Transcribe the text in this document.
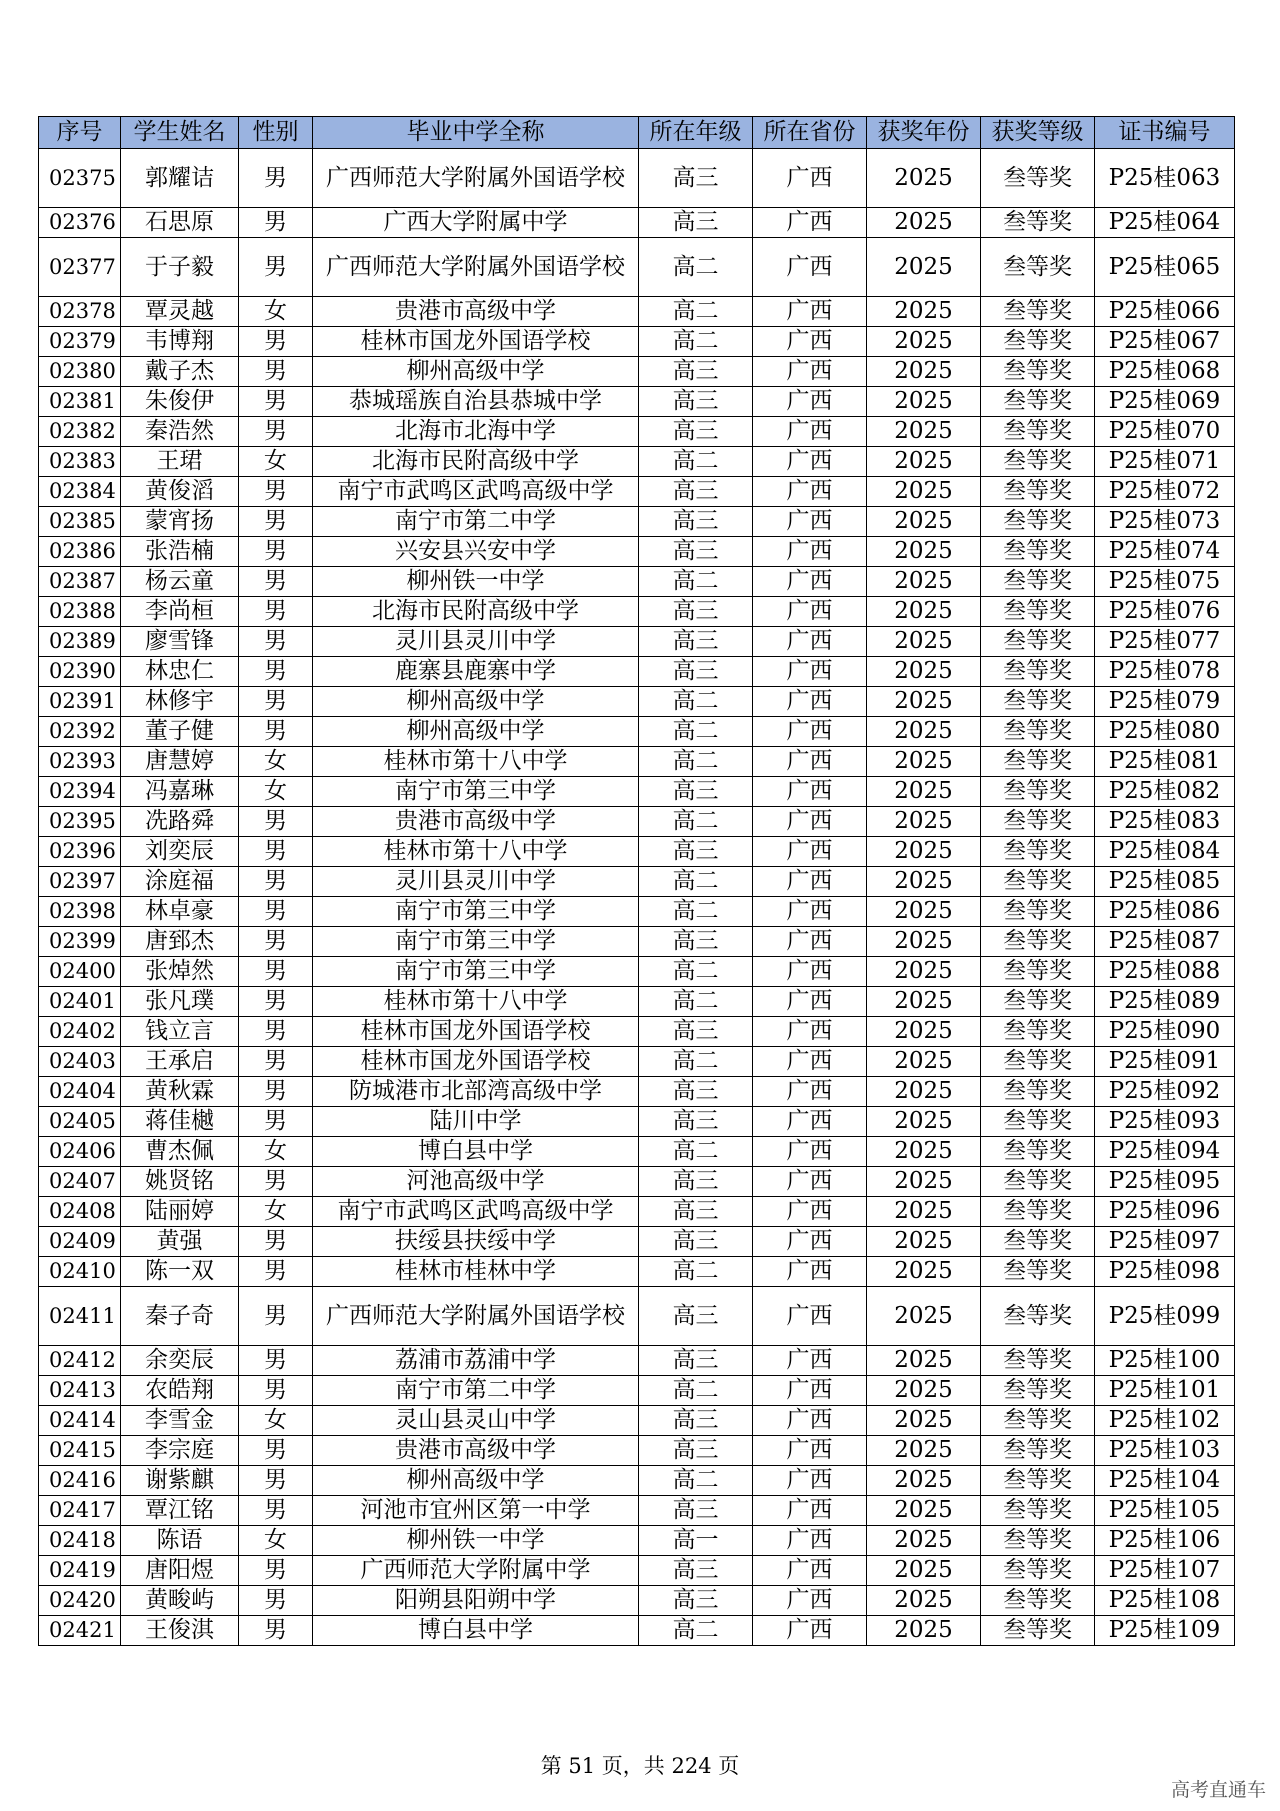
序号	学生姓名	性别	毕业中学全称	所在年级	所在省份	获奖年份	获奖等级	证书编号
02375	郭耀诘	男	广西师范大学附属外国语学校	高三	广西	2025	叁等奖	P25桂063
02376	石思原	男	广西大学附属中学	高三	广西	2025	叁等奖	P25桂064
02377	于子毅	男	广西师范大学附属外国语学校	高二	广西	2025	叁等奖	P25桂065
02378	覃灵越	女	贵港市高级中学	高二	广西	2025	叁等奖	P25桂066
02379	韦博翔	男	桂林市国龙外国语学校	高二	广西	2025	叁等奖	P25桂067
02380	戴子杰	男	柳州高级中学	高三	广西	2025	叁等奖	P25桂068
02381	朱俊伊	男	恭城瑶族自治县恭城中学	高三	广西	2025	叁等奖	P25桂069
02382	秦浩然	男	北海市北海中学	高三	广西	2025	叁等奖	P25桂070
02383	王珺	女	北海市民附高级中学	高二	广西	2025	叁等奖	P25桂071
02384	黄俊滔	男	南宁市武鸣区武鸣高级中学	高三	广西	2025	叁等奖	P25桂072
02385	蒙宵扬	男	南宁市第二中学	高三	广西	2025	叁等奖	P25桂073
02386	张浩楠	男	兴安县兴安中学	高三	广西	2025	叁等奖	P25桂074
02387	杨云童	男	柳州铁一中学	高二	广西	2025	叁等奖	P25桂075
02388	李尚桓	男	北海市民附高级中学	高三	广西	2025	叁等奖	P25桂076
02389	廖雪锋	男	灵川县灵川中学	高三	广西	2025	叁等奖	P25桂077
02390	林忠仁	男	鹿寨县鹿寨中学	高三	广西	2025	叁等奖	P25桂078
02391	林修宇	男	柳州高级中学	高二	广西	2025	叁等奖	P25桂079
02392	董子健	男	柳州高级中学	高二	广西	2025	叁等奖	P25桂080
02393	唐慧婷	女	桂林市第十八中学	高二	广西	2025	叁等奖	P25桂081
02394	冯嘉琳	女	南宁市第三中学	高三	广西	2025	叁等奖	P25桂082
02395	冼路舜	男	贵港市高级中学	高二	广西	2025	叁等奖	P25桂083
02396	刘奕辰	男	桂林市第十八中学	高三	广西	2025	叁等奖	P25桂084
02397	涂庭福	男	灵川县灵川中学	高二	广西	2025	叁等奖	P25桂085
02398	林卓豪	男	南宁市第三中学	高二	广西	2025	叁等奖	P25桂086
02399	唐郅杰	男	南宁市第三中学	高三	广西	2025	叁等奖	P25桂087
02400	张焯然	男	南宁市第三中学	高二	广西	2025	叁等奖	P25桂088
02401	张凡璞	男	桂林市第十八中学	高二	广西	2025	叁等奖	P25桂089
02402	钱立言	男	桂林市国龙外国语学校	高三	广西	2025	叁等奖	P25桂090
02403	王承启	男	桂林市国龙外国语学校	高二	广西	2025	叁等奖	P25桂091
02404	黄秋霖	男	防城港市北部湾高级中学	高三	广西	2025	叁等奖	P25桂092
02405	蒋佳樾	男	陆川中学	高三	广西	2025	叁等奖	P25桂093
02406	曹杰佩	女	博白县中学	高二	广西	2025	叁等奖	P25桂094
02407	姚贤铭	男	河池高级中学	高三	广西	2025	叁等奖	P25桂095
02408	陆丽婷	女	南宁市武鸣区武鸣高级中学	高三	广西	2025	叁等奖	P25桂096
02409	黄强	男	扶绥县扶绥中学	高三	广西	2025	叁等奖	P25桂097
02410	陈一双	男	桂林市桂林中学	高二	广西	2025	叁等奖	P25桂098
02411	秦子奇	男	广西师范大学附属外国语学校	高三	广西	2025	叁等奖	P25桂099
02412	余奕辰	男	荔浦市荔浦中学	高三	广西	2025	叁等奖	P25桂100
02413	农皓翔	男	南宁市第二中学	高二	广西	2025	叁等奖	P25桂101
02414	李雪金	女	灵山县灵山中学	高三	广西	2025	叁等奖	P25桂102
02415	李宗庭	男	贵港市高级中学	高三	广西	2025	叁等奖	P25桂103
02416	谢紫麒	男	柳州高级中学	高二	广西	2025	叁等奖	P25桂104
02417	覃江铭	男	河池市宜州区第一中学	高三	广西	2025	叁等奖	P25桂105
02418	陈语	女	柳州铁一中学	高一	广西	2025	叁等奖	P25桂106
02419	唐阳煜	男	广西师范大学附属中学	高三	广西	2025	叁等奖	P25桂107
02420	黄畯屿	男	阳朔县阳朔中学	高三	广西	2025	叁等奖	P25桂108
02421	王俊淇	男	博白县中学	高二	广西	2025	叁等奖	P25桂109
第 51 页，共 224 页
高考直通车
